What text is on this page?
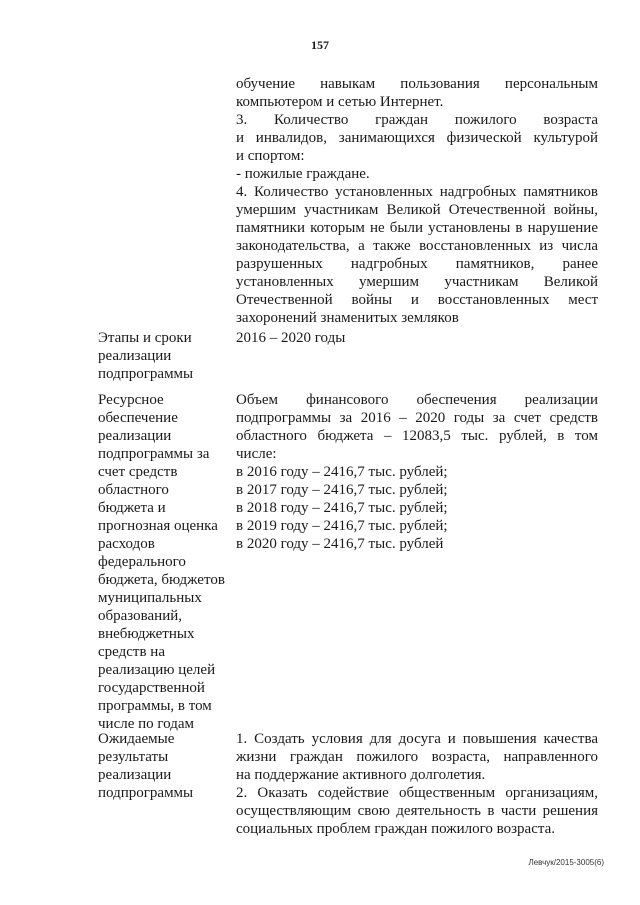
157
обучение навыкам пользования персональным
компьютером и сетью Интернет.
3. Количество граждан пожилого возраста
и инвалидов, занимающихся физической культурой
и спортом:
- пожилые граждане.
4. Количество установленных надгробных памятников
умершим участникам Великой Отечественной войны,
памятники которым не были установлены в нарушение
законодательства, а также восстановленных из числа
разрушенных надгробных памятников, ранее
установленных умершим участникам Великой
Отечественной войны и восстановленных мест
захоронений знаменитых земляков
Этапы и сроки
реализации
подпрограммы
2016 – 2020 годы
Ресурсное
обеспечение
реализации
подпрограммы за
счет средств
областного
бюджета и
прогнозная оценка
расходов
федерального
бюджета, бюджетов
муниципальных
образований,
внебюджетных
средств на
реализацию целей
государственной
программы, в том
числе по годам
Объем финансового обеспечения реализации
подпрограммы за 2016 – 2020 годы за счет средств
областного бюджета – 12083,5 тыс. рублей, в том
числе:
в 2016 году – 2416,7 тыс. рублей;
в 2017 году – 2416,7 тыс. рублей;
в 2018 году – 2416,7 тыс. рублей;
в 2019 году – 2416,7 тыс. рублей;
в 2020 году – 2416,7 тыс. рублей
Ожидаемые
результаты
реализации
подпрограммы
1. Создать условия для досуга и повышения качества
жизни граждан пожилого возраста, направленного
на поддержание активного долголетия.
2. Оказать содействие общественным организациям,
осуществляющим свою деятельность в части решения
социальных проблем граждан пожилого возраста.
Левчук/2015-3005(6)
